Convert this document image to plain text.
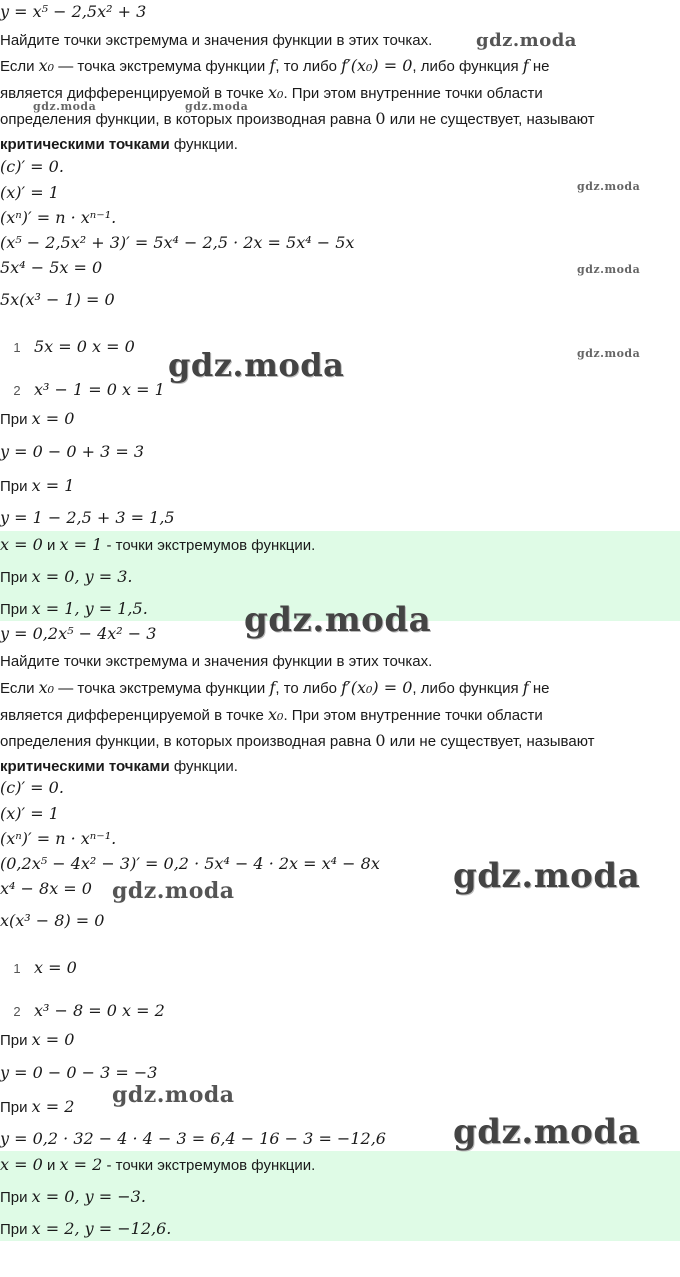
y = x⁵ − 2,5x² + 3
Найдите точки экстремума и значения функции в этих точках.
Если x₀ — точка экстремума функции f, то либо f′(x₀) = 0, либо функция f не
является дифференцируемой в точке x₀. При этом внутренние точки области
определения функции, в которых производная равна 0 или не существует, называют
критическими точками функции.
(c)′ = 0.
(x)′ = 1
(xⁿ)′ = n · xⁿ⁻¹.
(x⁵ − 2,5x² + 3)′ = 5x⁴ − 2,5 · 2x = 5x⁴ − 5x
5x⁴ − 5x = 0
5x(x³ − 1) = 0
1 5x = 0 x = 0
2 x³ − 1 = 0 x = 1
При x = 0
y = 0 − 0 + 3 = 3
При x = 1
y = 1 − 2,5 + 3 = 1,5
x = 0 и x = 1 - точки экстремумов функции.
При x = 0, y = 3.
При x = 1, y = 1,5.
y = 0,2x⁵ − 4x² − 3
Найдите точки экстремума и значения функции в этих точках.
Если x₀ — точка экстремума функции f, то либо f′(x₀) = 0, либо функция f не
является дифференцируемой в точке x₀. При этом внутренние точки области
определения функции, в которых производная равна 0 или не существует, называют
критическими точками функции.
(c)′ = 0.
(x)′ = 1
(xⁿ)′ = n · xⁿ⁻¹.
(0,2x⁵ − 4x² − 3)′ = 0,2 · 5x⁴ − 4 · 2x = x⁴ − 8x
x⁴ − 8x = 0
x(x³ − 8) = 0
1 x = 0
2 x³ − 8 = 0 x = 2
При x = 0
y = 0 − 0 − 3 = −3
При x = 2
y = 0,2 · 32 − 4 · 4 − 3 = 6,4 − 16 − 3 = −12,6
x = 0 и x = 2 - точки экстремумов функции.
При x = 0, y = −3.
При x = 2, y = −12,6.
gdz.moda
gdz.moda	gdz.moda
gdz.moda
gdz.moda
gdz.moda
gdz.moda
gdz.moda
gdz.moda	gdz.moda
gdz.moda
gdz.moda
